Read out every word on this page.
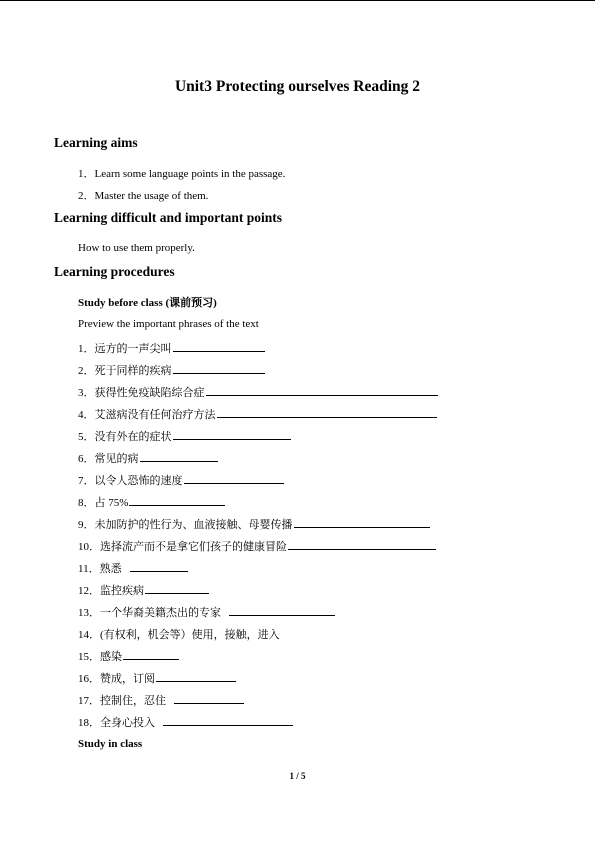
Unit3 Protecting ourselves Reading 2
Learning aims
1．Learn some language points in the passage.
2．Master the usage of them.
Learning difficult and important points
How to use them properly.
Learning procedures
Study before class (课前预习)
Preview the important phrases of the text
1．远方的一声尖叫
2．死于同样的疾病
3．获得性免疫缺陷综合症
4．艾滋病没有任何治疗方法
5．没有外在的症状
6．常见的病
7．以令人恐怖的速度
8．占 75%
9．未加防护的性行为、血液接触、母婴传播
10．选择流产而不是拿它们孩子的健康冒险
11．熟悉
12．监控疾病
13．一个华裔美籍杰出的专家
14．(有权利，机会等）使用，接触，进入
15．感染
16．赞成，订阅
17．控制住，忍住
18．全身心投入
Study in class
1 / 5
